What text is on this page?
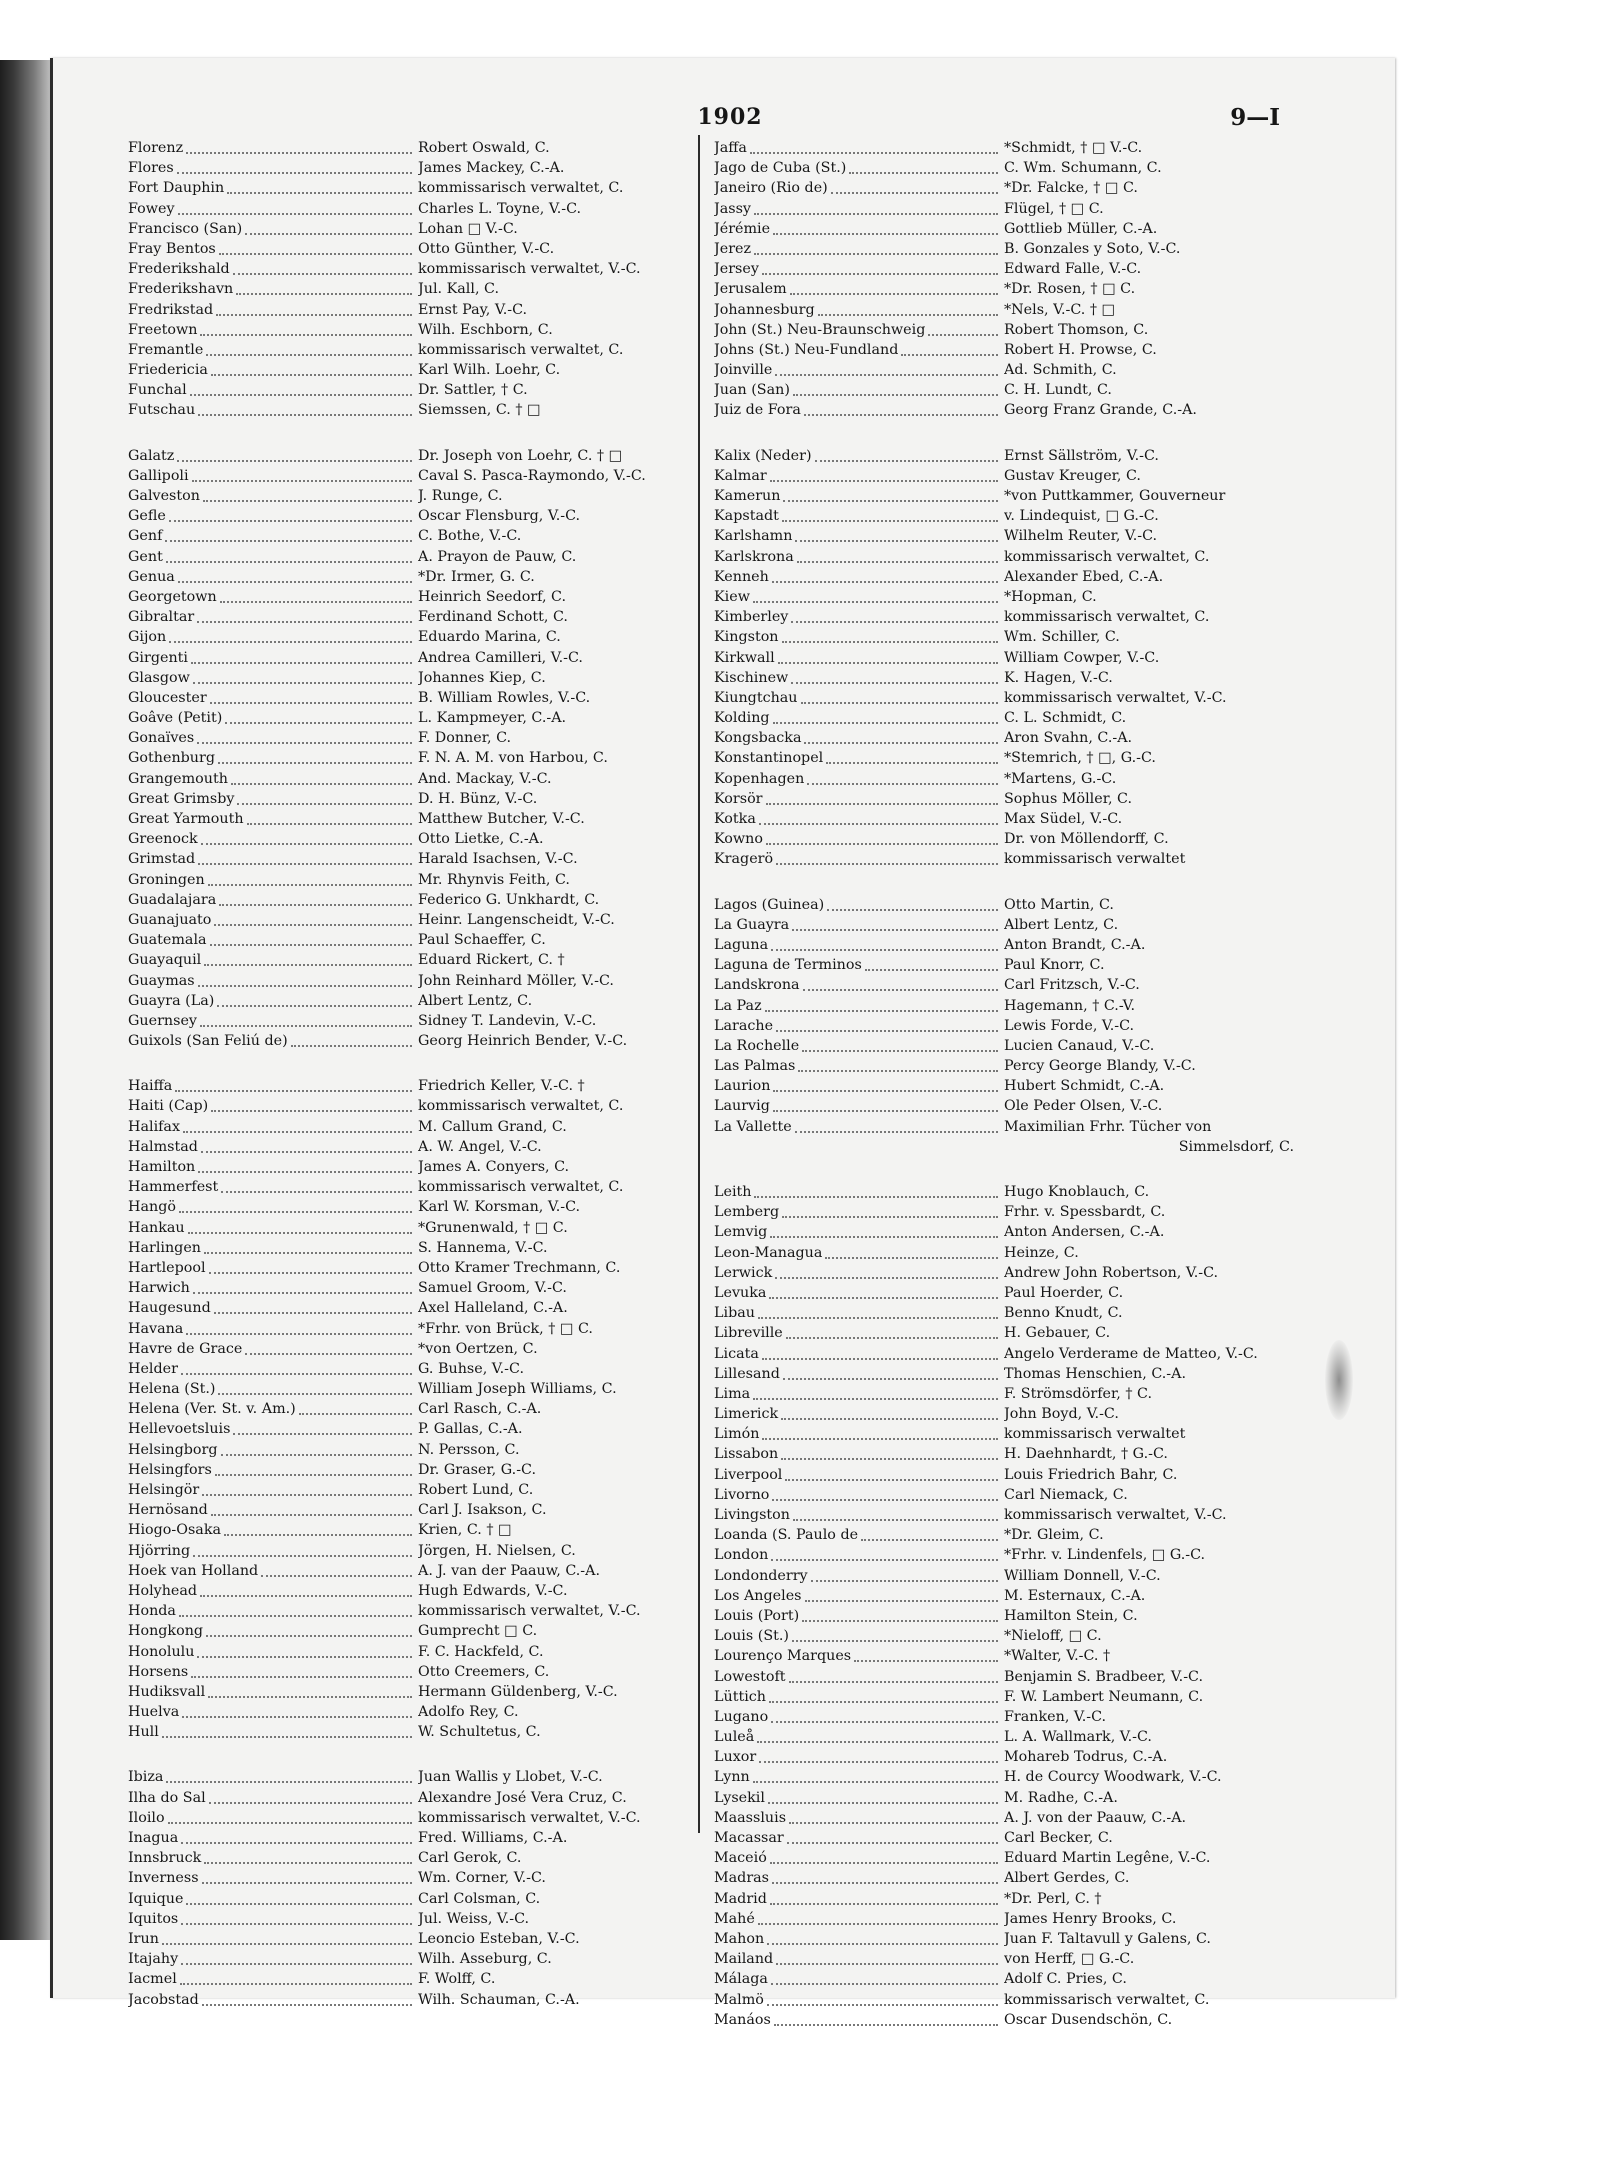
1902	9—I
Florenz	Robert Oswald, C.
Flores	James Mackey, C.-A.
Fort Dauphin	kommissarisch verwaltet, C.
Fowey	Charles L. Toyne, V.-C.
Francisco (San)	Lohan □ V.-C.
Fray Bentos	Otto Günther, V.-C.
Frederikshald	kommissarisch verwaltet, V.-C.
Frederikshavn	Jul. Kall, C.
Fredrikstad	Ernst Pay, V.-C.
Freetown	Wilh. Eschborn, C.
Fremantle	kommissarisch verwaltet, C.
Friedericia	Karl Wilh. Loehr, C.
Funchal	Dr. Sattler, † C.
Futschau	Siemssen, C. † □
Galatz	Dr. Joseph von Loehr, C. † □
Gallipoli	Caval S. Pasca-Raymondo, V.-C.
Galveston	J. Runge, C.
Gefle	Oscar Flensburg, V.-C.
Genf	C. Bothe, V.-C.
Gent	A. Prayon de Pauw, C.
Genua	*Dr. Irmer, G. C.
Georgetown	Heinrich Seedorf, C.
Gibraltar	Ferdinand Schott, C.
Gijon	Eduardo Marina, C.
Girgenti	Andrea Camilleri, V.-C.
Glasgow	Johannes Kiep, C.
Gloucester	B. William Rowles, V.-C.
Goâve (Petit)	L. Kampmeyer, C.-A.
Gonaïves	F. Donner, C.
Gothenburg	F. N. A. M. von Harbou, C.
Grangemouth	And. Mackay, V.-C.
Great Grimsby	D. H. Bünz, V.-C.
Great Yarmouth	Matthew Butcher, V.-C.
Greenock	Otto Lietke, C.-A.
Grimstad	Harald Isachsen, V.-C.
Groningen	Mr. Rhynvis Feith, C.
Guadalajara	Federico G. Unkhardt, C.
Guanajuato	Heinr. Langenscheidt, V.-C.
Guatemala	Paul Schaeffer, C.
Guayaquil	Eduard Rickert, C. †
Guaymas	John Reinhard Möller, V.-C.
Guayra (La)	Albert Lentz, C.
Guernsey	Sidney T. Landevin, V.-C.
Guixols (San Feliú de)	Georg Heinrich Bender, V.-C.
Haiffa	Friedrich Keller, V.-C. †
Haiti (Cap)	kommissarisch verwaltet, C.
Halifax	M. Callum Grand, C.
Halmstad	A. W. Angel, V.-C.
Hamilton	James A. Conyers, C.
Hammerfest	kommissarisch verwaltet, C.
Hangö	Karl W. Korsman, V.-C.
Hankau	*Grunenwald, † □ C.
Harlingen	S. Hannema, V.-C.
Hartlepool	Otto Kramer Trechmann, C.
Harwich	Samuel Groom, V.-C.
Haugesund	Axel Halleland, C.-A.
Havana	*Frhr. von Brück, † □ C.
Havre de Grace	*von Oertzen, C.
Helder	G. Buhse, V.-C.
Helena (St.)	William Joseph Williams, C.
Helena (Ver. St. v. Am.)	Carl Rasch, C.-A.
Hellevoetsluis	P. Gallas, C.-A.
Helsingborg	N. Persson, C.
Helsingfors	Dr. Graser, G.-C.
Helsingör	Robert Lund, C.
Hernösand	Carl J. Isakson, C.
Hiogo-Osaka	Krien, C. † □
Hjörring	Jörgen, H. Nielsen, C.
Hoek van Holland	A. J. van der Paauw, C.-A.
Holyhead	Hugh Edwards, V.-C.
Honda	kommissarisch verwaltet, V.-C.
Hongkong	Gumprecht □ C.
Honolulu	F. C. Hackfeld, C.
Horsens	Otto Creemers, C.
Hudiksvall	Hermann Güldenberg, V.-C.
Huelva	Adolfo Rey, C.
Hull	W. Schultetus, C.
Ibiza	Juan Wallis y Llobet, V.-C.
Ilha do Sal	Alexandre José Vera Cruz, C.
Iloilo	kommissarisch verwaltet, V.-C.
Inagua	Fred. Williams, C.-A.
Innsbruck	Carl Gerok, C.
Inverness	Wm. Corner, V.-C.
Iquique	Carl Colsman, C.
Iquitos	Jul. Weiss, V.-C.
Irun	Leoncio Esteban, V.-C.
Itajahy	Wilh. Asseburg, C.
Iacmel	F. Wolff, C.
Jacobstad	Wilh. Schauman, C.-A.
Jaffa	*Schmidt, † □ V.-C.
Jago de Cuba (St.)	C. Wm. Schumann, C.
Janeiro (Rio de)	*Dr. Falcke, † □ C.
Jassy	Flügel, † □ C.
Jérémie	Gottlieb Müller, C.-A.
Jerez	B. Gonzales y Soto, V.-C.
Jersey	Edward Falle, V.-C.
Jerusalem	*Dr. Rosen, † □ C.
Johannesburg	*Nels, V.-C. † □
John (St.) Neu-Braunschweig	Robert Thomson, C.
Johns (St.) Neu-Fundland	Robert H. Prowse, C.
Joinville	Ad. Schmith, C.
Juan (San)	C. H. Lundt, C.
Juiz de Fora	Georg Franz Grande, C.-A.
Kalix (Neder)	Ernst Sällström, V.-C.
Kalmar	Gustav Kreuger, C.
Kamerun	*von Puttkammer, Gouverneur
Kapstadt	v. Lindequist, □ G.-C.
Karlshamn	Wilhelm Reuter, V.-C.
Karlskrona	kommissarisch verwaltet, C.
Kenneh	Alexander Ebed, C.-A.
Kiew	*Hopman, C.
Kimberley	kommissarisch verwaltet, C.
Kingston	Wm. Schiller, C.
Kirkwall	William Cowper, V.-C.
Kischinew	K. Hagen, V.-C.
Kiungtchau	kommissarisch verwaltet, V.-C.
Kolding	C. L. Schmidt, C.
Kongsbacka	Aron Svahn, C.-A.
Konstantinopel	*Stemrich, † □, G.-C.
Kopenhagen	*Martens, G.-C.
Korsör	Sophus Möller, C.
Kotka	Max Südel, V.-C.
Kowno	Dr. von Möllendorff, C.
Kragerö	kommissarisch verwaltet
Lagos (Guinea)	Otto Martin, C.
La Guayra	Albert Lentz, C.
Laguna	Anton Brandt, C.-A.
Laguna de Terminos	Paul Knorr, C.
Landskrona	Carl Fritzsch, V.-C.
La Paz	Hagemann, † C.-V.
Larache	Lewis Forde, V.-C.
La Rochelle	Lucien Canaud, V.-C.
Las Palmas	Percy George Blandy, V.-C.
Laurion	Hubert Schmidt, C.-A.
Laurvig	Ole Peder Olsen, V.-C.
La Vallette	Maximilian Frhr. Tücher von
Simmelsdorf, C.
Leith	Hugo Knoblauch, C.
Lemberg	Frhr. v. Spessbardt, C.
Lemvig	Anton Andersen, C.-A.
Leon-Managua	Heinze, C.
Lerwick	Andrew John Robertson, V.-C.
Levuka	Paul Hoerder, C.
Libau	Benno Knudt, C.
Libreville	H. Gebauer, C.
Licata	Angelo Verderame de Matteo, V.-C.
Lillesand	Thomas Henschien, C.-A.
Lima	F. Strömsdörfer, † C.
Limerick	John Boyd, V.-C.
Limón	kommissarisch verwaltet
Lissabon	H. Daehnhardt, † G.-C.
Liverpool	Louis Friedrich Bahr, C.
Livorno	Carl Niemack, C.
Livingston	kommissarisch verwaltet, V.-C.
Loanda (S. Paulo de	*Dr. Gleim, C.
London	*Frhr. v. Lindenfels, □ G.-C.
Londonderry	William Donnell, V.-C.
Los Angeles	M. Esternaux, C.-A.
Louis (Port)	Hamilton Stein, C.
Louis (St.)	*Nieloff, □ C.
Lourenço Marques	*Walter, V.-C. †
Lowestoft	Benjamin S. Bradbeer, V.-C.
Lüttich	F. W. Lambert Neumann, C.
Lugano	Franken, V.-C.
Luleå	L. A. Wallmark, V.-C.
Luxor	Mohareb Todrus, C.-A.
Lynn	H. de Courcy Woodwark, V.-C.
Lysekil	M. Radhe, C.-A.
Maassluis	A. J. von der Paauw, C.-A.
Macassar	Carl Becker, C.
Maceió	Eduard Martin Legêne, V.-C.
Madras	Albert Gerdes, C.
Madrid	*Dr. Perl, C. †
Mahé	James Henry Brooks, C.
Mahon	Juan F. Taltavull y Galens, C.
Mailand	von Herff, □ G.-C.
Málaga	Adolf C. Pries, C.
Malmö	kommissarisch verwaltet, C.
Manáos	Oscar Dusendschön, C.
